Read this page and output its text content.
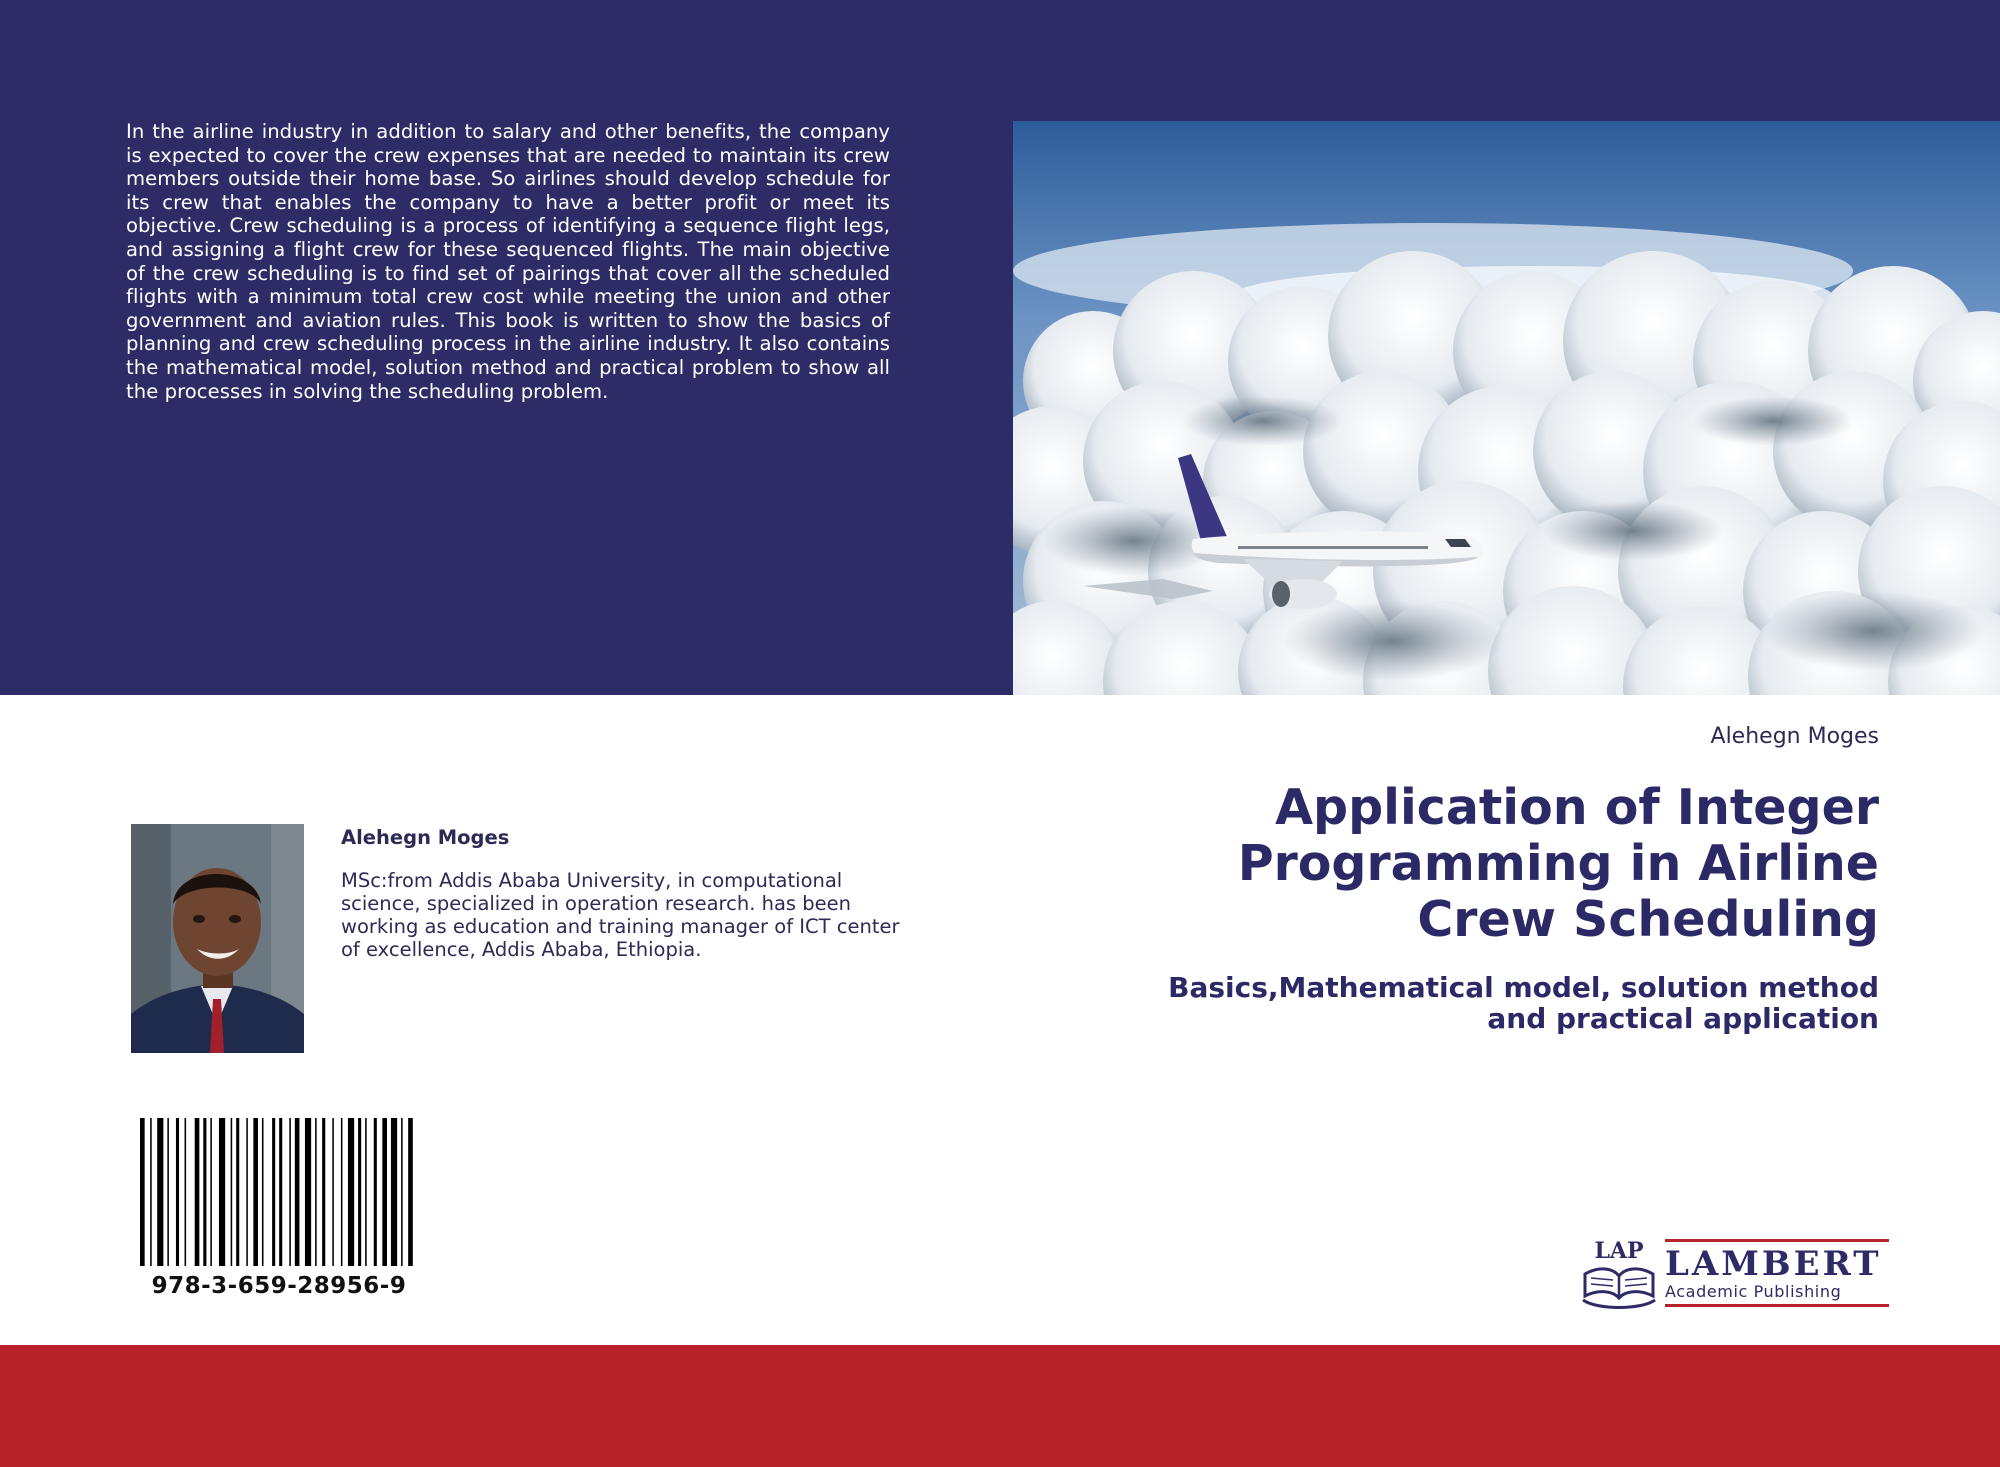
In the airline industry in addition to salary and other benefits, the company is expected to cover the crew expenses that are needed to maintain its crew members outside their home base. So airlines should develop schedule for its crew that enables the company to have a better profit or meet its objective. Crew scheduling is a process of identifying a sequence flight legs, and assigning a flight crew for these sequenced flights. The main objective of the crew scheduling is to find set of pairings that cover all the scheduled flights with a minimum total crew cost while meeting the union and other government and aviation rules. This book is written to show the basics of planning and crew scheduling process in the airline industry. It also contains the mathematical model, solution method and practical problem to show all the processes in solving the scheduling problem.

Alehegn Moges
Application of Integer Programming in Airline Crew Scheduling
Basics,Mathematical model, solution method and practical application
Alehegn Moges

MSc:from Addis Ababa University, in computational science, specialized in operation research. has been working as education and training manager of ICT center of excellence, Addis Ababa, Ethiopia.

978-3-659-28956-9
LAP LAMBERT
Academic Publishing
